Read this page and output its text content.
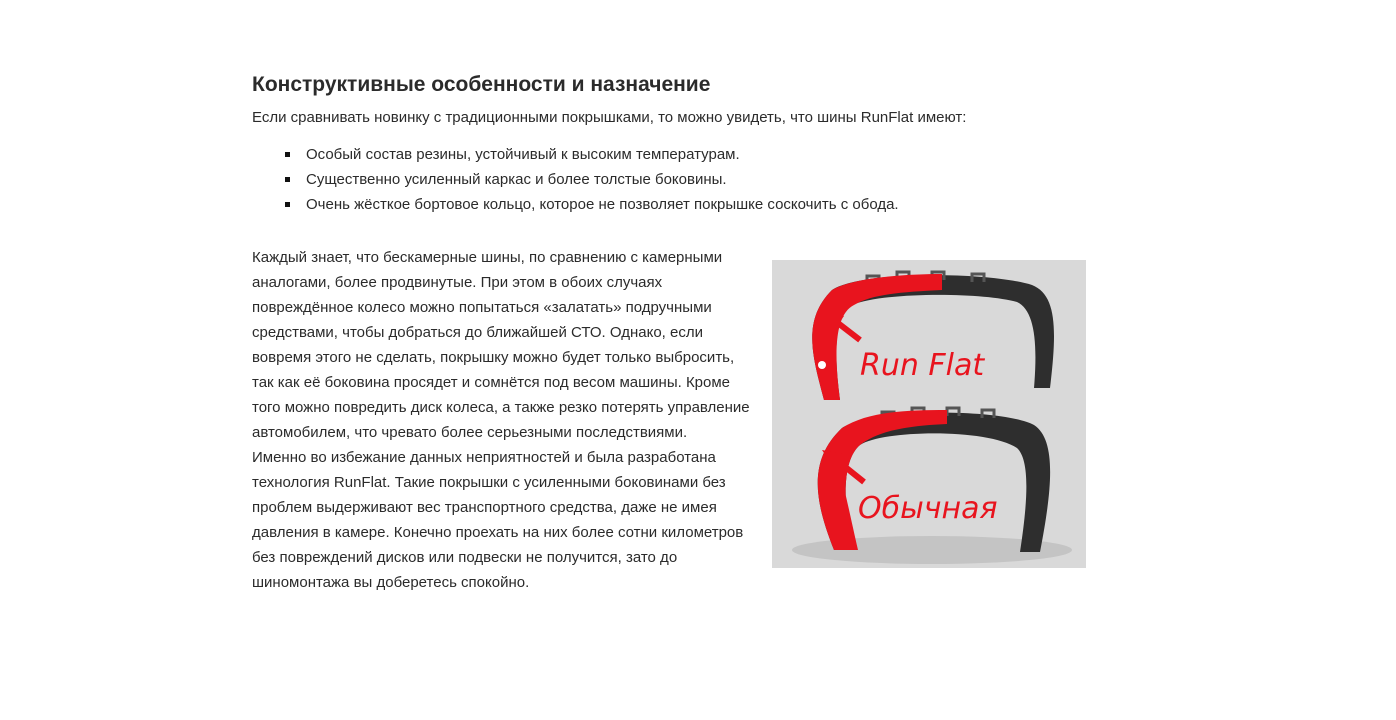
Конструктивные особенности и назначение

Если сравнивать новинку с традиционными покрышками, то можно увидеть, что шины RunFlat имеют:

Особый состав резины, устойчивый к высоким температурам.
Существенно усиленный каркас и более толстые боковины.
Очень жёсткое бортовое кольцо, которое не позволяет покрышке соскочить с обода.

Каждый знает, что бескамерные шины, по сравнению с камерными аналогами, более продвинутые. При этом в обоих случаях повреждённое колесо можно попытаться «залатать» подручными средствами, чтобы добраться до ближайшей СТО. Однако, если вовремя этого не сделать, покрышку можно будет только выбросить, так как её боковина просядет и сомнётся под весом машины. Кроме того можно повредить диск колеса, а также резко потерять управление автомобилем, что чревато более серьезными последствиями.

Именно во избежание данных неприятностей и была разработана технология RunFlat. Такие покрышки с усиленными боковинами без проблем выдерживают вес транспортного средства, даже не имея давления в камере. Конечно проехать на них более сотни километров без повреждений дисков или подвески не получится, зато до шиномонтажа вы доберетесь спокойно.

Run Flat
Обычная
